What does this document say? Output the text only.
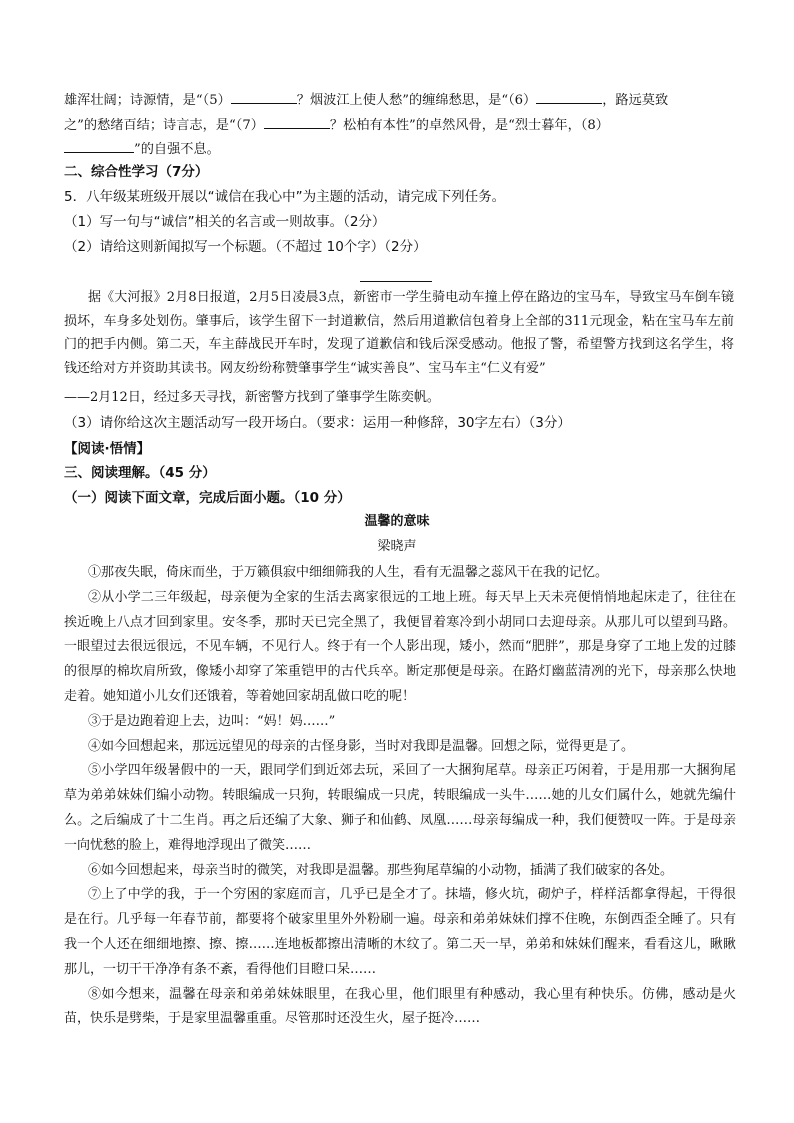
雄浑壮阔；诗源情，是“（5）	？烟波江上使人愁”的缠绵愁思，是“（6）	，路远莫致
之”的愁绪百结；诗言志，是“（7）	？松柏有本性”的卓然风骨，是“烈士暮年，（8）
”的自强不息。
二、综合性学习（7分）
5．八年级某班级开展以“诚信在我心中”为主题的活动，请完成下列任务。
（1）写一句与“诚信”相关的名言或一则故事。（2分）
（2）请给这则新闻拟写一个标题。（不超过 10个字）（2分）

据《大河报》2月8日报道，2月5日凌晨3点，新密市一学生骑电动车撞上停在路边的宝马车，导致宝马车倒车镜损坏，车身多处划伤。肇事后，该学生留下一封道歉信，然后用道歉信包着身上全部的311元现金，粘在宝马车左前门的把手内侧。第二天，车主薛战民开车时，发现了道歉信和钱后深受感动。他报了警，希望警方找到这名学生，将钱还给对方并资助其读书。网友纷纷称赞肇事学生“诚实善良”、宝马车主“仁义有爱”

——2月12日，经过多天寻找，新密警方找到了肇事学生陈奕帆。
（3）请你给这次主题活动写一段开场白。（要求：运用一种修辞，30字左右）（3分）
【阅读·悟情】
三、阅读理解。（45 分）
（一）阅读下面文章，完成后面小题。（10 分）
温馨的意味
梁晓声

①那夜失眠，倚床而坐，于万籁俱寂中细细筛我的人生，看有无温馨之蕊风干在我的记忆。

②从小学二三年级起，母亲便为全家的生活去离家很远的工地上班。每天早上天未亮便悄悄地起床走了，往往在挨近晚上八点才回到家里。安冬季，那时天已完全黑了，我便冒着寒冷到小胡同口去迎母亲。从那儿可以望到马路。一眼望过去很远很远，不见车辆，不见行人。终于有一个人影出现，矮小，然而“肥胖”，那是身穿了工地上发的过膝的很厚的棉坎肩所致，像矮小却穿了笨重铠甲的古代兵卒。断定那便是母亲。在路灯幽蓝清冽的光下，母亲那么快地走着。她知道小儿女们还饿着，等着她回家胡乱做口吃的呢！

③于是边跑着迎上去，边叫：“妈！妈……”

④如今回想起来，那远远望见的母亲的古怪身影，当时对我即是温馨。回想之际，觉得更是了。

⑤小学四年级暑假中的一天，跟同学们到近郊去玩，采回了一大捆狗尾草。母亲正巧闲着，于是用那一大捆狗尾草为弟弟妹妹们编小动物。转眼编成一只狗，转眼编成一只虎，转眼编成一头牛……她的儿女们属什么，她就先编什么。之后编成了十二生肖。再之后还编了大象、狮子和仙鹤、凤凰……母亲每编成一种，我们便赞叹一阵。于是母亲一向忧愁的脸上，难得地浮现出了微笑……

⑥如今回想起来，母亲当时的微笑，对我即是温馨。那些狗尾草编的小动物，插满了我们破家的各处。

⑦上了中学的我，于一个穷困的家庭而言，几乎已是全才了。抹墙，修火坑，砌炉子，样样活都拿得起，干得很是在行。几乎每一年春节前，都要将个破家里里外外粉刷一遍。母亲和弟弟妹妹们撑不住晚，东倒西歪全睡了。只有我一个人还在细细地擦、擦、擦……连地板都擦出清晰的木纹了。第二天一早，弟弟和妹妹们醒来，看看这儿，瞅瞅那儿，一切干干净净有条不紊，看得他们目瞪口呆……

⑧如今想来，温馨在母亲和弟弟妹妹眼里，在我心里，他们眼里有种感动，我心里有种快乐。仿佛，感动是火苗，快乐是劈柴，于是家里温馨重重。尽管那时还没生火，屋子挺冷……
